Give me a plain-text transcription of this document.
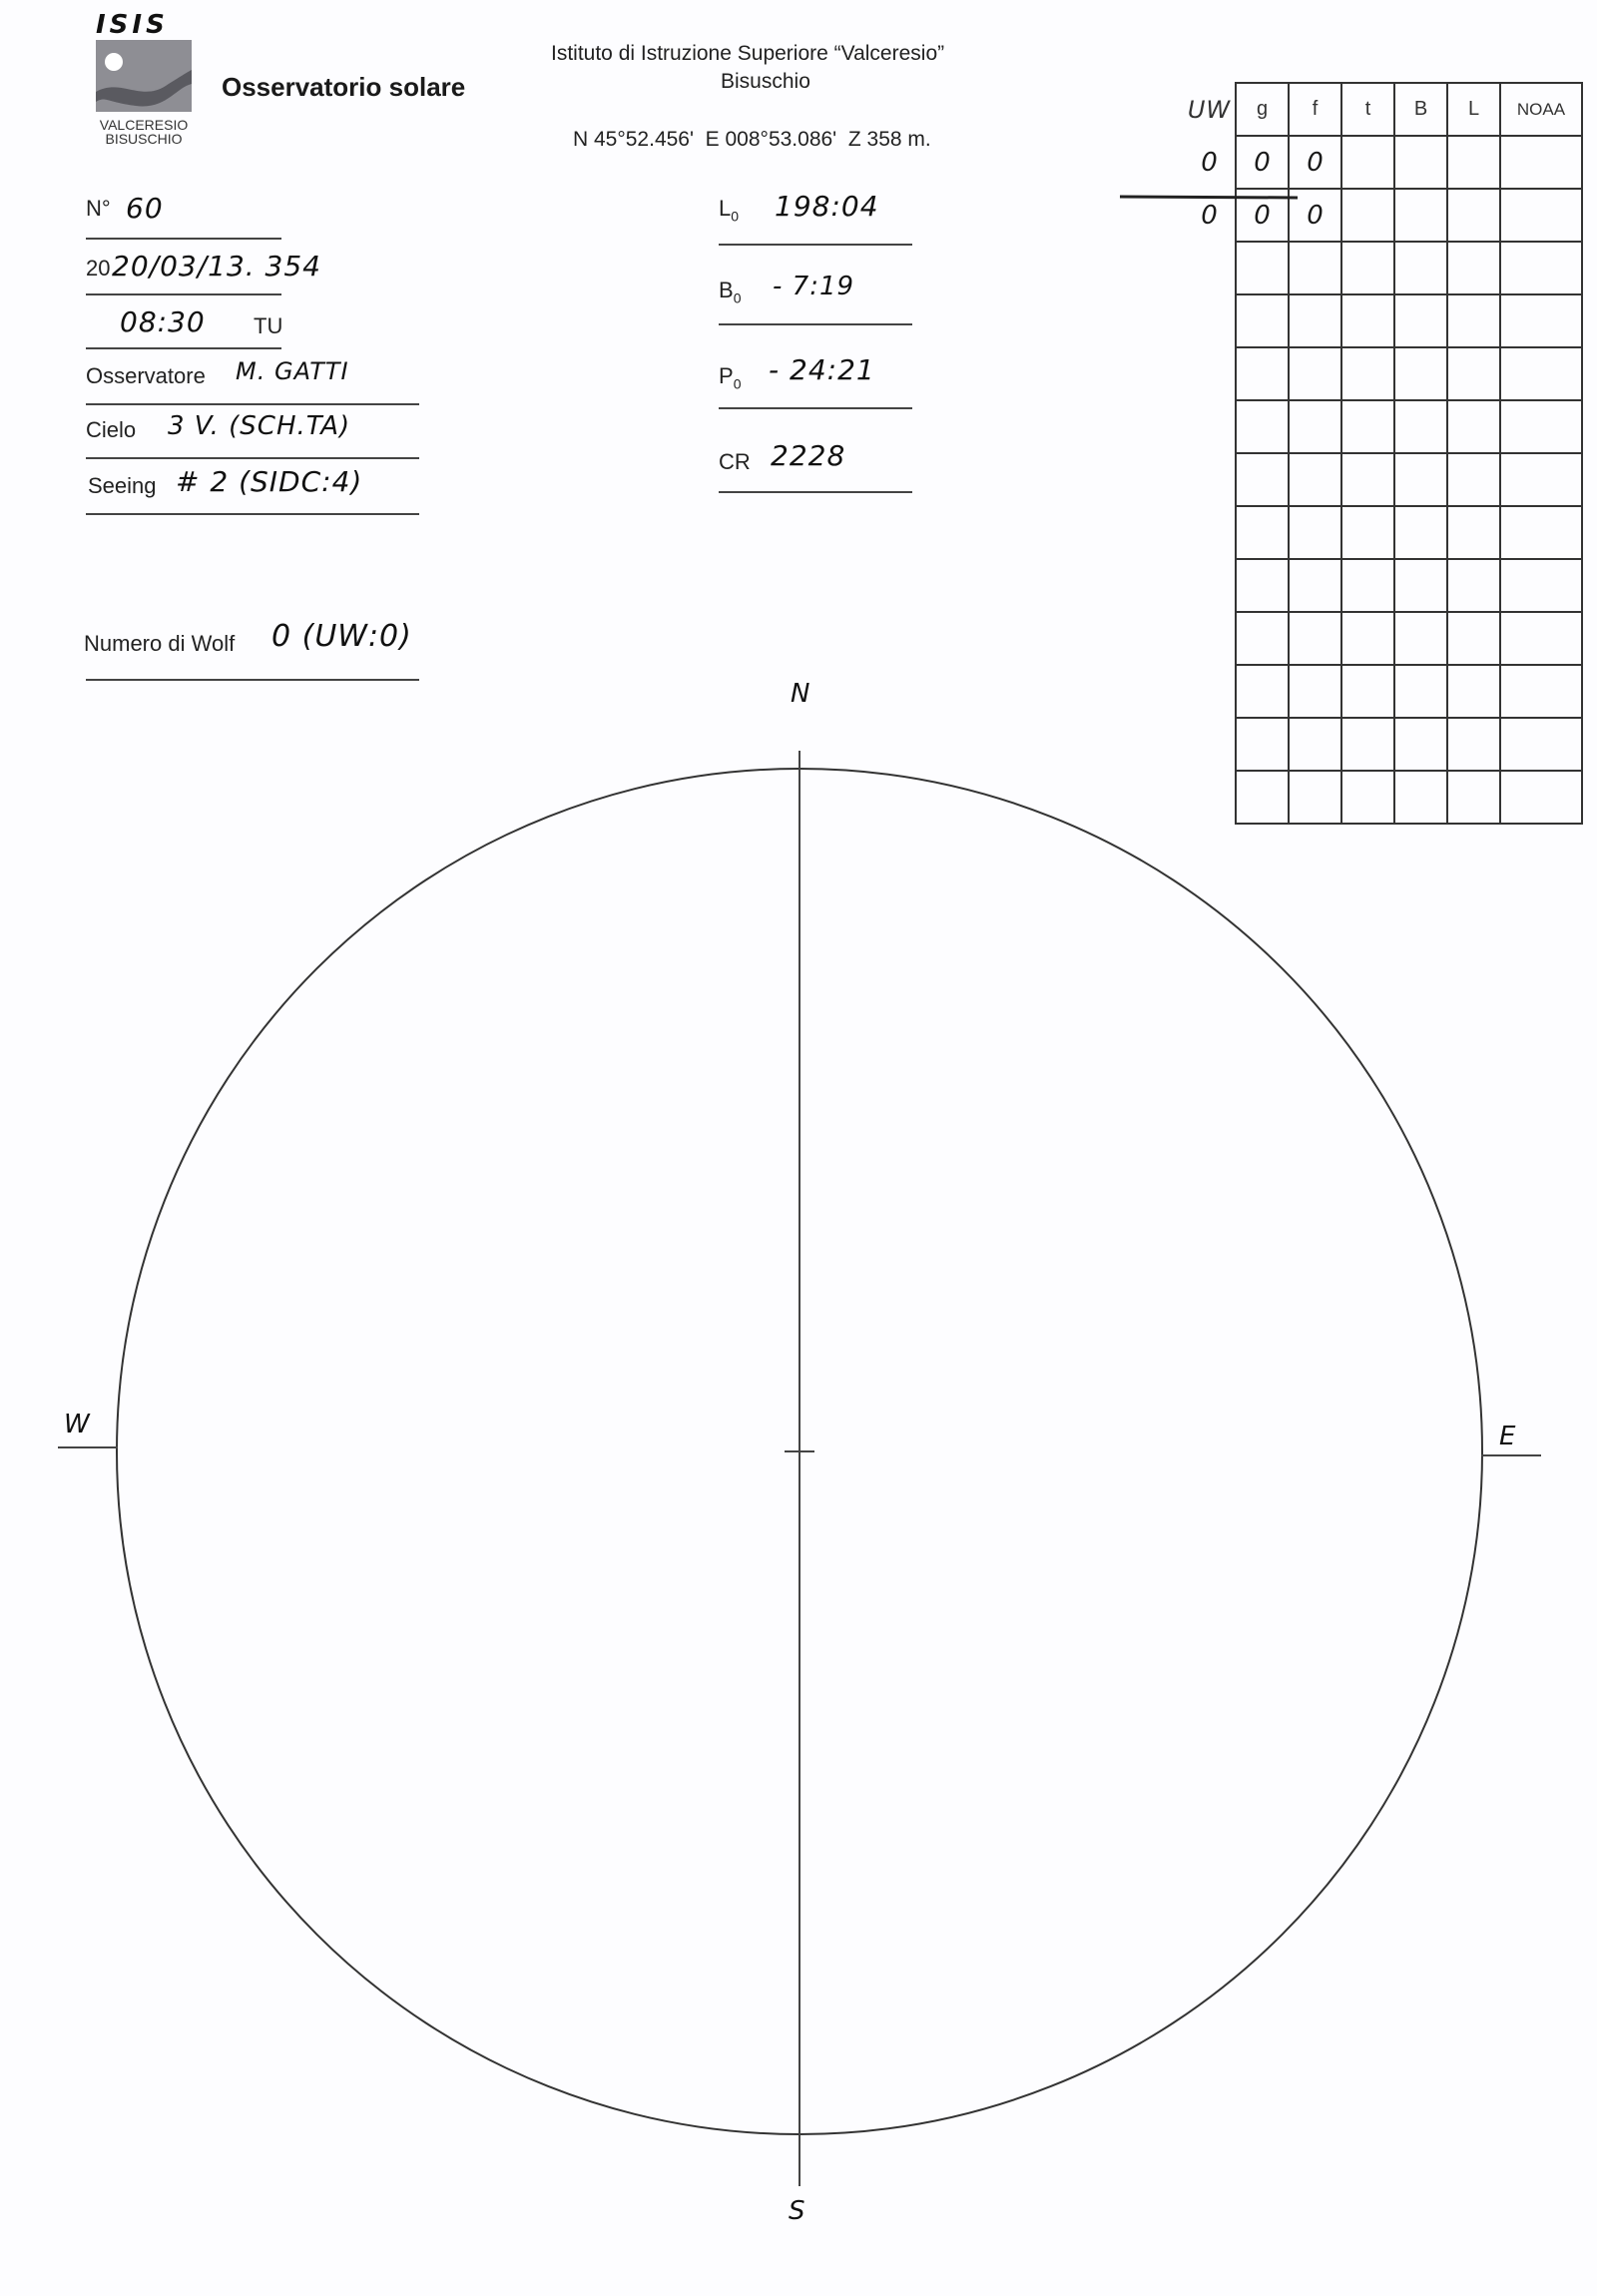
ISIS
VALCERESIO
BISUSCHIO
Osservatorio solare
Istituto di Istruzione Superiore “Valceresio”
Bisuschio
N 45°52.456'  E 008°53.086'  Z 358 m.
N° 60
20 20/03/13. 354
08:30 TU
Osservatore M. GATTI
Cielo 3 V. (SCH.TA)
Seeing # 2 (SIDC:4)
Numero di Wolf 0 (UW:0)
$L_0$ 198:04
$B_0$ - 7:19
$P_0$ - 24:21
CR 2228
UW	g	f	t	B	L	NOAA
0	0	0				
0	0	0				

N
S
W	E
